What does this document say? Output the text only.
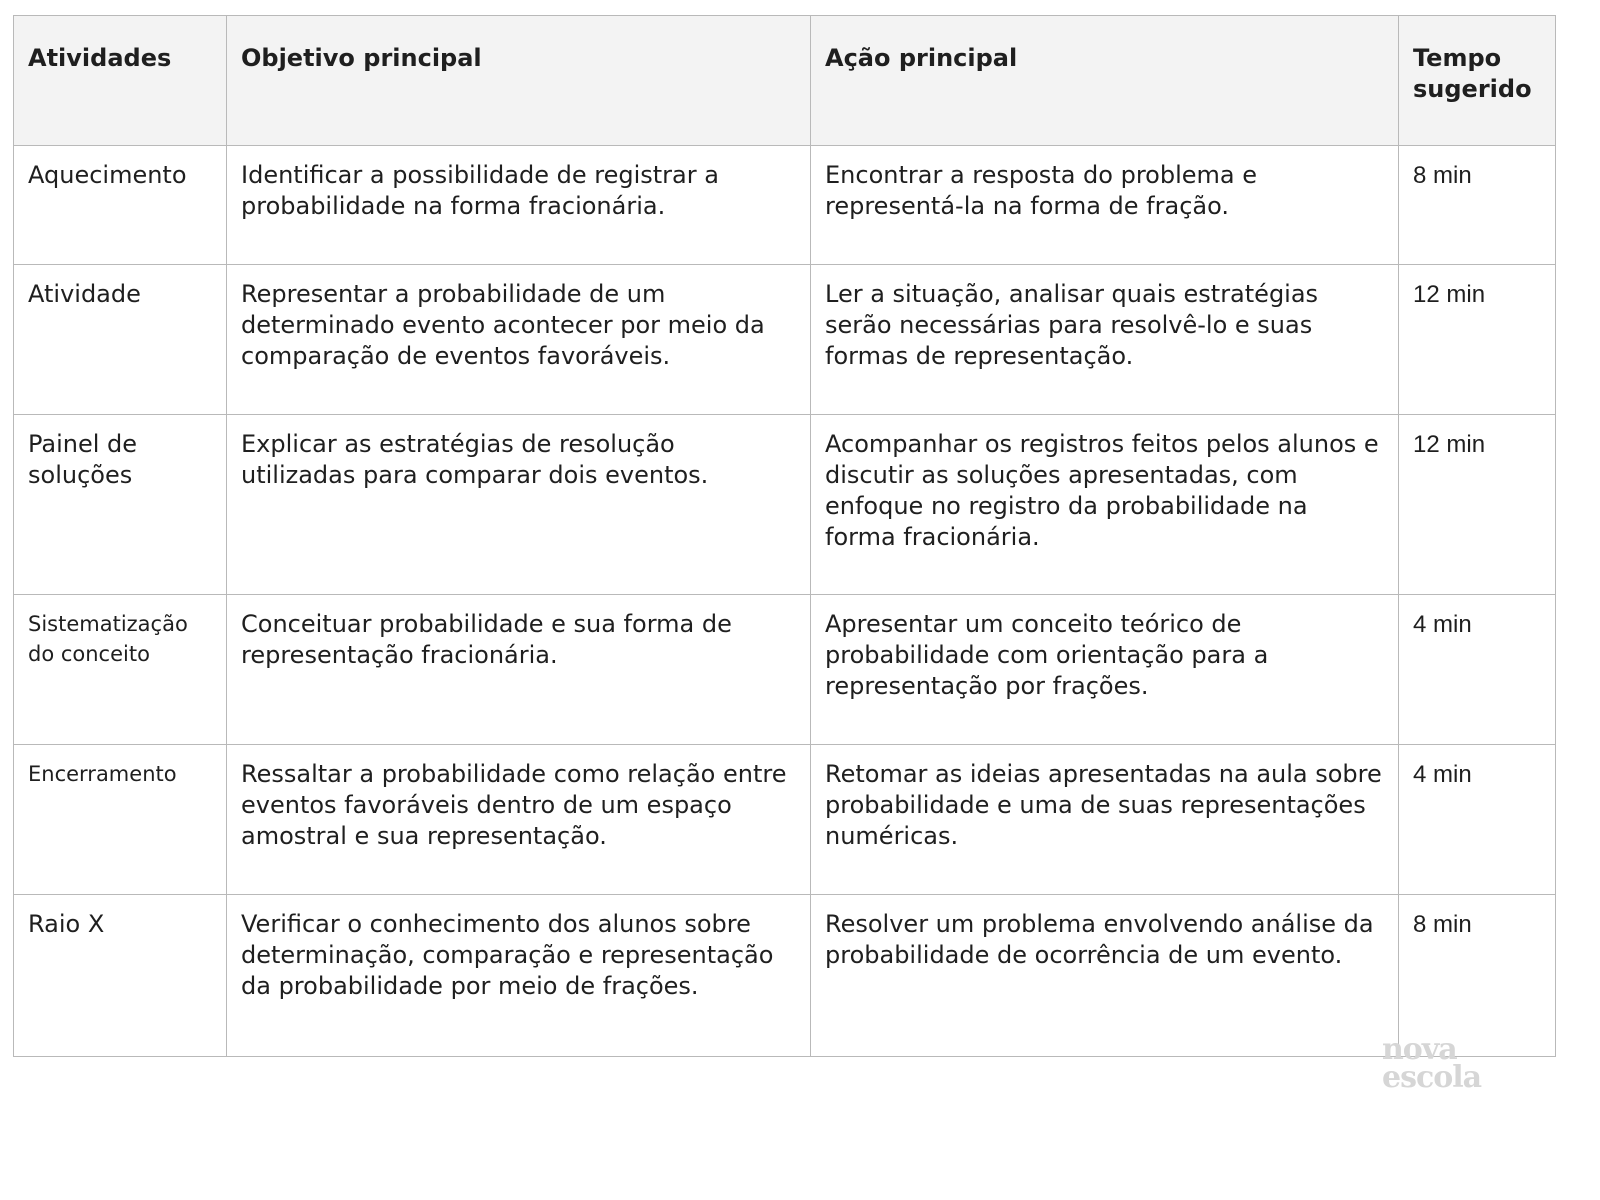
Atividades	Objetivo principal	Ação principal	Tempo sugerido
Aquecimento	Identificar a possibilidade de registrar a probabilidade na forma fracionária.	Encontrar a resposta do problema e representá-la na forma de fração.	8 min
Atividade	Representar a probabilidade de um determinado evento acontecer por meio da comparação de eventos favoráveis.	Ler a situação, analisar quais estratégias serão necessárias para resolvê-lo e suas formas de representação.	12 min
Painel de soluções	Explicar as estratégias de resolução utilizadas para comparar dois eventos.	Acompanhar os registros feitos pelos alunos e discutir as soluções apresentadas, com enfoque no registro da probabilidade na forma fracionária.	12 min
Sistematização do conceito	Conceituar probabilidade e sua forma de representação fracionária.	Apresentar um conceito teórico de probabilidade com orientação para a representação por frações.	4 min
Encerramento	Ressaltar a probabilidade como relação entre eventos favoráveis dentro de um espaço amostral e sua representação.	Retomar as ideias apresentadas na aula sobre probabilidade e uma de suas representações numéricas.	4 min
Raio X	Verificar o conhecimento dos alunos sobre determinação, comparação e representação da probabilidade por meio de frações.	Resolver um problema envolvendo análise da probabilidade de ocorrência de um evento.	8 min
nova
escola
